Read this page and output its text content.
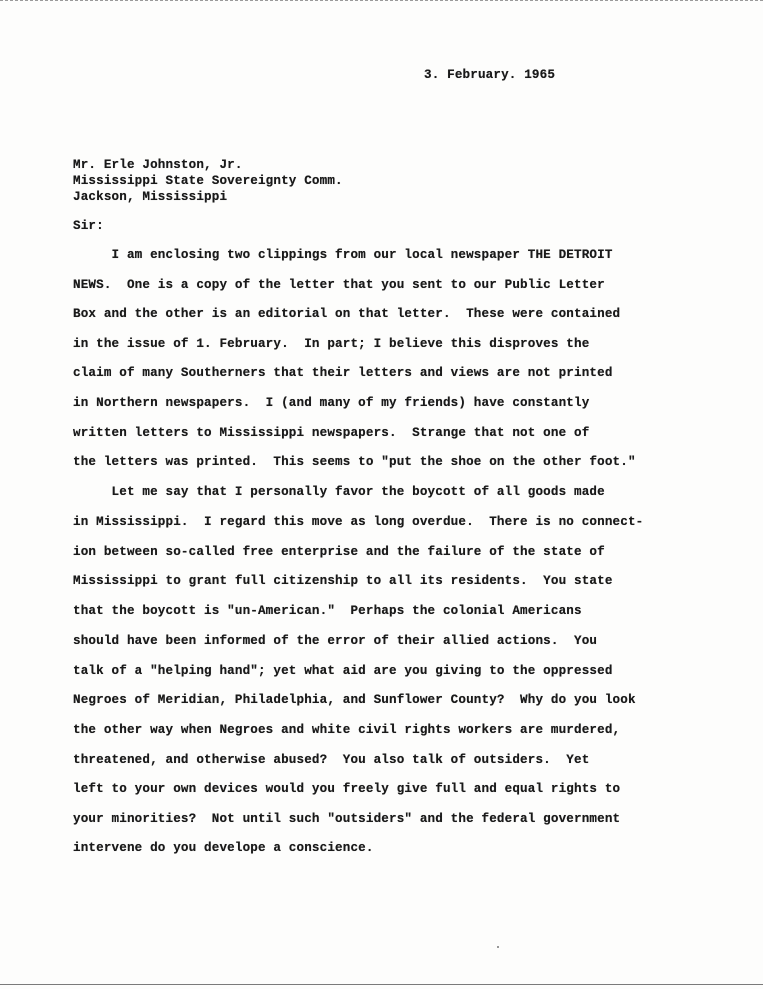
3. February. 1965
Mr. Erle Johnston, Jr.
Mississippi State Sovereignty Comm.
Jackson, Mississippi
Sir:
I am enclosing two clippings from our local newspaper THE DETROIT
NEWS.  One is a copy of the letter that you sent to our Public Letter
Box and the other is an editorial on that letter.  These were contained
in the issue of 1. February.  In part; I believe this disproves the
claim of many Southerners that their letters and views are not printed
in Northern newspapers.  I (and many of my friends) have constantly
written letters to Mississippi newspapers.  Strange that not one of
the letters was printed.  This seems to "put the shoe on the other foot."
Let me say that I personally favor the boycott of all goods made
in Mississippi.  I regard this move as long overdue.  There is no connect-
ion between so-called free enterprise and the failure of the state of
Mississippi to grant full citizenship to all its residents.  You state
that the boycott is "un-American."  Perhaps the colonial Americans
should have been informed of the error of their allied actions.  You
talk of a "helping hand"; yet what aid are you giving to the oppressed
Negroes of Meridian, Philadelphia, and Sunflower County?  Why do you look
the other way when Negroes and white civil rights workers are murdered,
threatened, and otherwise abused?  You also talk of outsiders.  Yet
left to your own devices would you freely give full and equal rights to
your minorities?  Not until such "outsiders" and the federal government
intervene do you develope a conscience.
